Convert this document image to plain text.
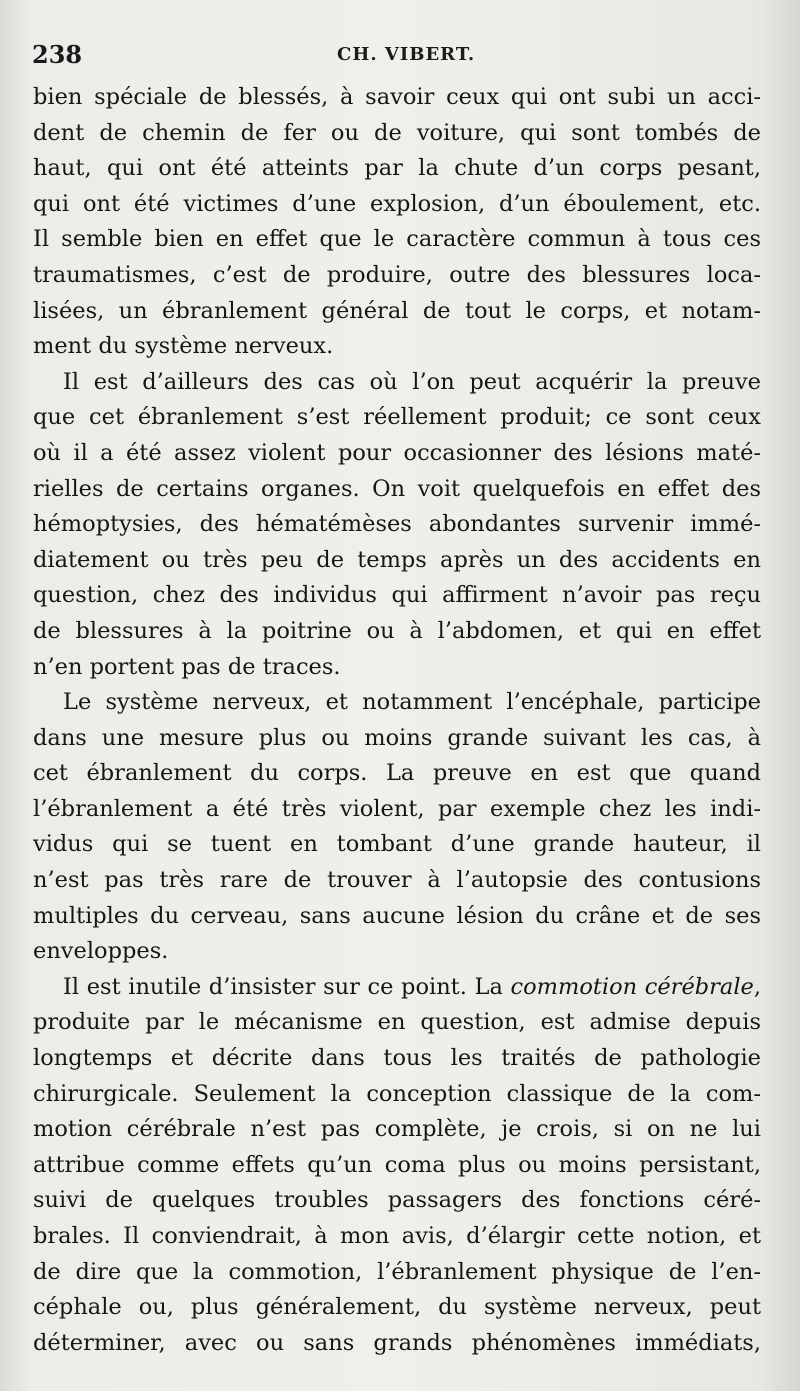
238	CH. VIBERT.
bien spéciale de blessés, à savoir ceux qui ont subi un acci-
dent de chemin de fer ou de voiture, qui sont tombés de
haut, qui ont été atteints par la chute d’un corps pesant,
qui ont été victimes d’une explosion, d’un éboulement, etc.
Il semble bien en effet que le caractère commun à tous ces
traumatismes, c’est de produire, outre des blessures loca-
lisées, un ébranlement général de tout le corps, et notam-
ment du système nerveux.
Il est d’ailleurs des cas où l’on peut acquérir la preuve
que cet ébranlement s’est réellement produit; ce sont ceux
où il a été assez violent pour occasionner des lésions maté-
rielles de certains organes. On voit quelquefois en effet des
hémoptysies, des hématémèses abondantes survenir immé-
diatement ou très peu de temps après un des accidents en
question, chez des individus qui affirment n’avoir pas reçu
de blessures à la poitrine ou à l’abdomen, et qui en effet
n’en portent pas de traces.
Le système nerveux, et notamment l’encéphale, participe
dans une mesure plus ou moins grande suivant les cas, à
cet ébranlement du corps. La preuve en est que quand
l’ébranlement a été très violent, par exemple chez les indi-
vidus qui se tuent en tombant d’une grande hauteur, il
n’est pas très rare de trouver à l’autopsie des contusions
multiples du cerveau, sans aucune lésion du crâne et de ses
enveloppes.
Il est inutile d’insister sur ce point. La commotion cérébrale,
produite par le mécanisme en question, est admise depuis
longtemps et décrite dans tous les traités de pathologie
chirurgicale. Seulement la conception classique de la com-
motion cérébrale n’est pas complète, je crois, si on ne lui
attribue comme effets qu’un coma plus ou moins persistant,
suivi de quelques troubles passagers des fonctions céré-
brales. Il conviendrait, à mon avis, d’élargir cette notion, et
de dire que la commotion, l’ébranlement physique de l’en-
céphale ou, plus généralement, du système nerveux, peut
déterminer, avec ou sans grands phénomènes immédiats,
